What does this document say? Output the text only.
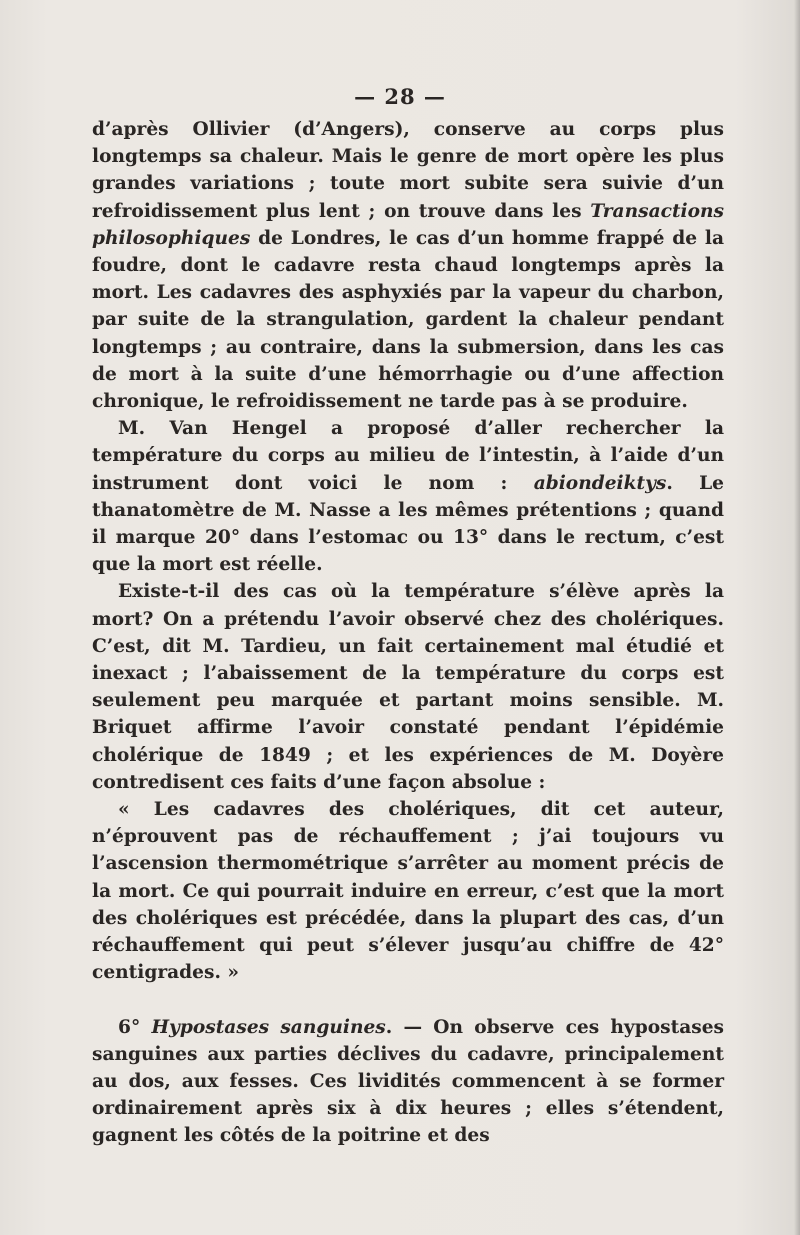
— 28 —

d’après Ollivier (d’Angers), conserve au corps plus longtemps sa chaleur. Mais le genre de mort opère les plus grandes variations ; toute mort subite sera suivie d’un refroidissement plus lent ; on trouve dans les Transactions philosophiques de Londres, le cas d’un homme frappé de la foudre, dont le cadavre resta chaud longtemps après la mort. Les cadavres des asphyxiés par la vapeur du charbon, par suite de la strangulation, gardent la chaleur pendant longtemps ; au contraire, dans la submersion, dans les cas de mort à la suite d’une hémorrhagie ou d’une affection chronique, le refroidissement ne tarde pas à se produire.

M. Van Hengel a proposé d’aller rechercher la température du corps au milieu de l’intestin, à l’aide d’un instrument dont voici le nom : abiondeiktys. Le thanatomètre de M. Nasse a les mêmes prétentions ; quand il marque 20° dans l’estomac ou 13° dans le rectum, c’est que la mort est réelle.

Existe-t-il des cas où la température s’élève après la mort? On a prétendu l’avoir observé chez des cholériques. C’est, dit M. Tardieu, un fait certainement mal étudié et inexact ; l’abaissement de la température du corps est seulement peu marquée et partant moins sensible. M. Briquet affirme l’avoir constaté pendant l’épidémie cholérique de 1849 ; et les expériences de M. Doyère contredisent ces faits d’une façon absolue :

« Les cadavres des cholériques, dit cet auteur, n’éprouvent pas de réchauffement ; j’ai toujours vu l’ascension thermométrique s’arrêter au moment précis de la mort. Ce qui pourrait induire en erreur, c’est que la mort des cholériques est précédée, dans la plupart des cas, d’un réchauffement qui peut s’élever jusqu’au chiffre de 42° centigrades. »

6° Hypostases sanguines. — On observe ces hypostases sanguines aux parties déclives du cadavre, principalement au dos, aux fesses. Ces lividités commencent à se former ordinairement après six à dix heures ; elles s’étendent, gagnent les côtés de la poitrine et des
